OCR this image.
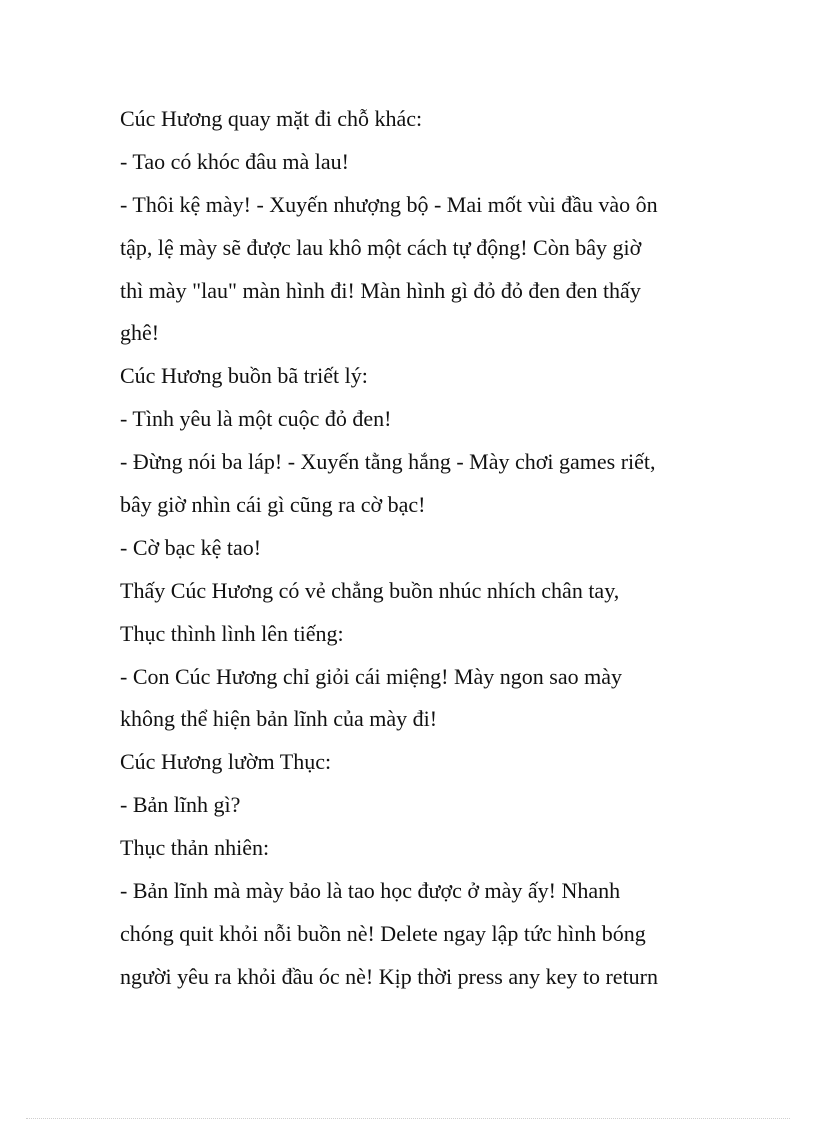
Cúc Hương quay mặt đi chỗ khác:
- Tao có khóc đâu mà lau!
- Thôi kệ mày! - Xuyến nhượng bộ - Mai mốt vùi đầu vào ôn
tập, lệ mày sẽ được lau khô một cách tự động! Còn bây giờ
thì mày "lau" màn hình đi! Màn hình gì đỏ đỏ đen đen thấy
ghê!
Cúc Hương buồn bã triết lý:
- Tình yêu là một cuộc đỏ đen!
- Đừng nói ba láp! - Xuyến tằng hắng - Mày chơi games riết,
bây giờ nhìn cái gì cũng ra cờ bạc!
- Cờ bạc kệ tao!
Thấy Cúc Hương có vẻ chẳng buồn nhúc nhích chân tay,
Thục thình lình lên tiếng:
- Con Cúc Hương chỉ giỏi cái miệng! Mày ngon sao mày
không thể hiện bản lĩnh của mày đi!
Cúc Hương lườm Thục:
- Bản lĩnh gì?
Thục thản nhiên:
- Bản lĩnh mà mày bảo là tao học được ở mày ấy! Nhanh
chóng quit khỏi nỗi buồn nè! Delete ngay lập tức hình bóng
người yêu ra khỏi đầu óc nè! Kịp thời press any key to return
